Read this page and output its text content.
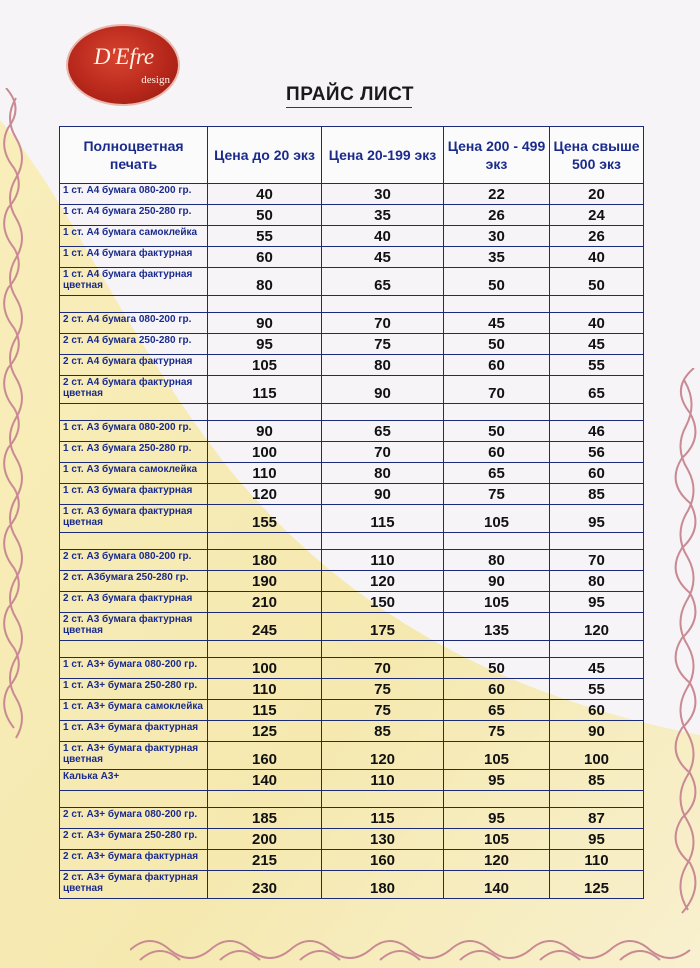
D'Efre
design
ПРАЙС ЛИСТ
Полноцветная печать	Цена до 20 экз	Цена 20-199 экз	Цена 200 - 499 экз	Цена свыше 500 экз
1 ст. А4 бумага 080-200 гр.	40	30	22	20
1 ст. А4 бумага 250-280 гр.	50	35	26	24
1 ст. А4 бумага самоклейка	55	40	30	26
1 ст. А4 бумага фактурная	60	45	35	40
1 ст. А4 бумага фактурная цветная	80	65	50	50

2 ст. А4 бумага 080-200 гр.	90	70	45	40
2 ст. А4 бумага 250-280 гр.	95	75	50	45
2 ст. А4 бумага фактурная	105	80	60	55
2 ст. А4 бумага фактурная цветная	115	90	70	65

1 ст. А3 бумага 080-200 гр.	90	65	50	46
1 ст. А3 бумага 250-280 гр.	100	70	60	56
1 ст. А3 бумага самоклейка	110	80	65	60
1 ст. А3 бумага фактурная	120	90	75	85
1 ст. А3 бумага фактурная цветная	155	115	105	95

2 ст. А3 бумага 080-200 гр.	180	110	80	70
2 ст. А3бумага 250-280 гр.	190	120	90	80
2 ст. А3 бумага фактурная	210	150	105	95
2 ст. А3 бумага фактурная цветная	245	175	135	120

1 ст. А3+ бумага 080-200 гр.	100	70	50	45
1 ст. А3+ бумага 250-280 гр.	110	75	60	55
1 ст. А3+ бумага самоклейка	115	75	65	60
1 ст. А3+ бумага фактурная	125	85	75	90
1 ст. А3+ бумага фактурная цветная	160	120	105	100
Калька А3+	140	110	95	85

2 ст. А3+ бумага 080-200 гр.	185	115	95	87
2 ст. А3+ бумага 250-280 гр.	200	130	105	95
2 ст. А3+ бумага фактурная	215	160	120	110
2 ст. А3+ бумага фактурная цветная	230	180	140	125
